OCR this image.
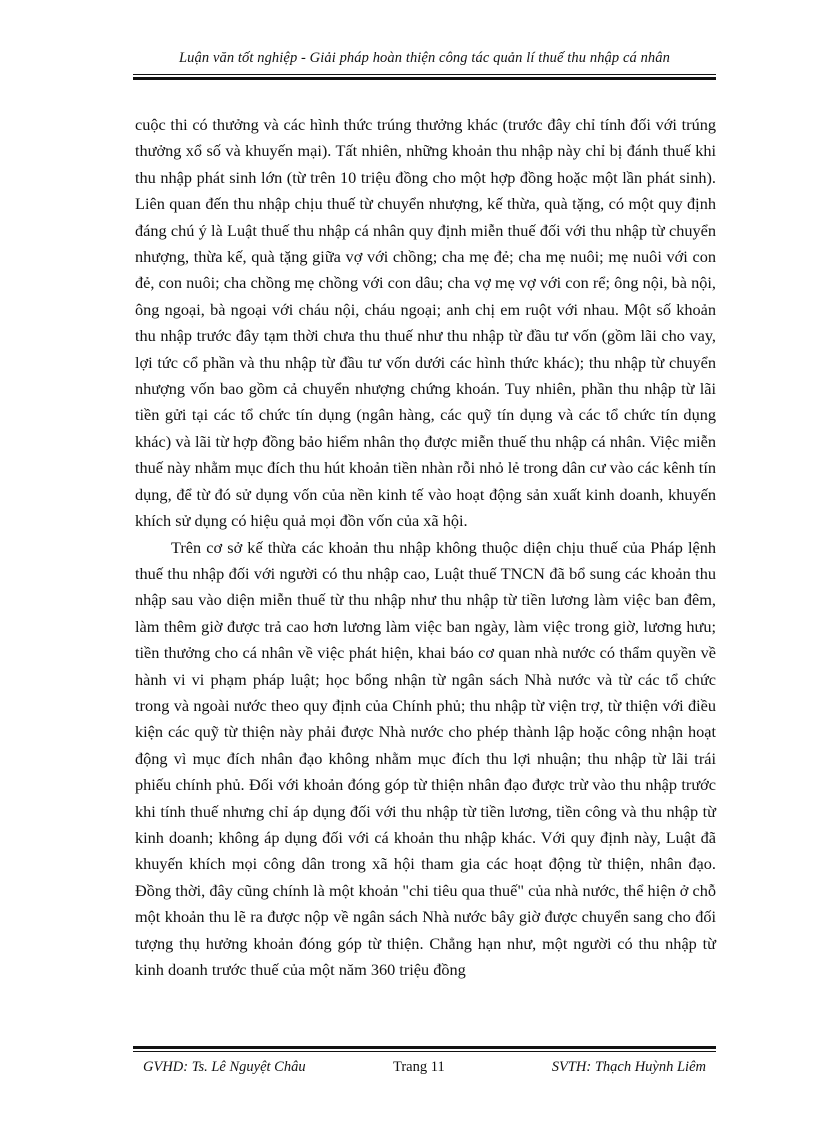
Luận văn tốt nghiệp - Giải pháp hoàn thiện công tác quản lí thuế thu nhập cá nhân

cuộc thi có thưởng và các hình thức trúng thưởng khác (trước đây chỉ tính đối với trúng thưởng xổ số và khuyến mại). Tất nhiên, những khoản thu nhập này chỉ bị đánh thuế khi thu nhập phát sinh lớn (từ trên 10 triệu đồng cho một hợp đồng hoặc một lần phát sinh). Liên quan đến thu nhập chịu thuế từ chuyển nhượng, kế thừa, quà tặng, có một quy định đáng chú ý là Luật thuế thu nhập cá nhân quy định miễn thuế đối với thu nhập từ chuyển nhượng, thừa kế, quà tặng giữa vợ với chồng; cha mẹ đẻ; cha mẹ nuôi; mẹ nuôi với con đẻ, con nuôi; cha chồng mẹ chồng với con dâu; cha vợ mẹ vợ với con rể; ông nội, bà nội, ông ngoại, bà ngoại với cháu nội, cháu ngoại; anh chị em ruột với nhau. Một số khoản thu nhập trước đây tạm thời chưa thu thuế như thu nhập từ đầu tư vốn (gồm lãi cho vay, lợi tức cổ phần và thu nhập từ đầu tư vốn dưới các hình thức khác); thu nhập từ chuyển nhượng vốn bao gồm cả chuyển nhượng chứng khoán. Tuy nhiên, phần thu nhập từ lãi tiền gửi tại các tổ chức tín dụng (ngân hàng, các quỹ tín dụng và các tổ chức tín dụng khác) và lãi từ hợp đồng bảo hiểm nhân thọ được miễn thuế thu nhập cá nhân. Việc miễn thuế này nhằm mục đích thu hút khoản tiền nhàn rỗi nhỏ lẻ trong dân cư vào các kênh tín dụng, để từ đó sử dụng vốn của nền kinh tế vào hoạt động sản xuất kinh doanh, khuyến khích sử dụng có hiệu quả mọi đồn vốn của xã hội.

Trên cơ sở kế thừa các khoản thu nhập không thuộc diện chịu thuế của Pháp lệnh thuế thu nhập đối với người có thu nhập cao, Luật thuế TNCN đã bổ sung các khoản thu nhập sau vào diện miễn thuế từ thu nhập như thu nhập từ tiền lương làm việc ban đêm, làm thêm giờ được trả cao hơn lương làm việc ban ngày, làm việc trong giờ, lương hưu; tiền thưởng cho cá nhân về việc phát hiện, khai báo cơ quan nhà nước có thẩm quyền về hành vi vi phạm pháp luật; học bổng nhận từ ngân sách Nhà nước và từ các tổ chức trong và ngoài nước theo quy định của Chính phủ; thu nhập từ viện trợ, từ thiện với điều kiện các quỹ từ thiện này phải được Nhà nước cho phép thành lập hoặc công nhận hoạt động vì mục đích nhân đạo không nhằm mục đích thu lợi nhuận; thu nhập từ lãi trái phiếu chính phủ. Đối với khoản đóng góp từ thiện nhân đạo được trừ vào thu nhập trước khi tính thuế nhưng chỉ áp dụng đối với thu nhập từ tiền lương, tiền công và thu nhập từ kinh doanh; không áp dụng đối với cá khoản thu nhập khác. Với quy định này, Luật đã khuyến khích mọi công dân trong xã hội tham gia các hoạt động từ thiện, nhân đạo. Đồng thời, đây cũng chính là một khoản "chi tiêu qua thuế" của nhà nước, thể hiện ở chỗ một khoản thu lẽ ra được nộp về ngân sách Nhà nước bây giờ được chuyển sang cho đối tượng thụ hưởng khoản đóng góp từ thiện. Chẳng hạn như, một người có thu nhập từ kinh doanh trước thuế của một năm 360 triệu đồng

GVHD: Ts. Lê Nguyệt Châu	Trang 11	SVTH: Thạch Huỳnh Liêm
